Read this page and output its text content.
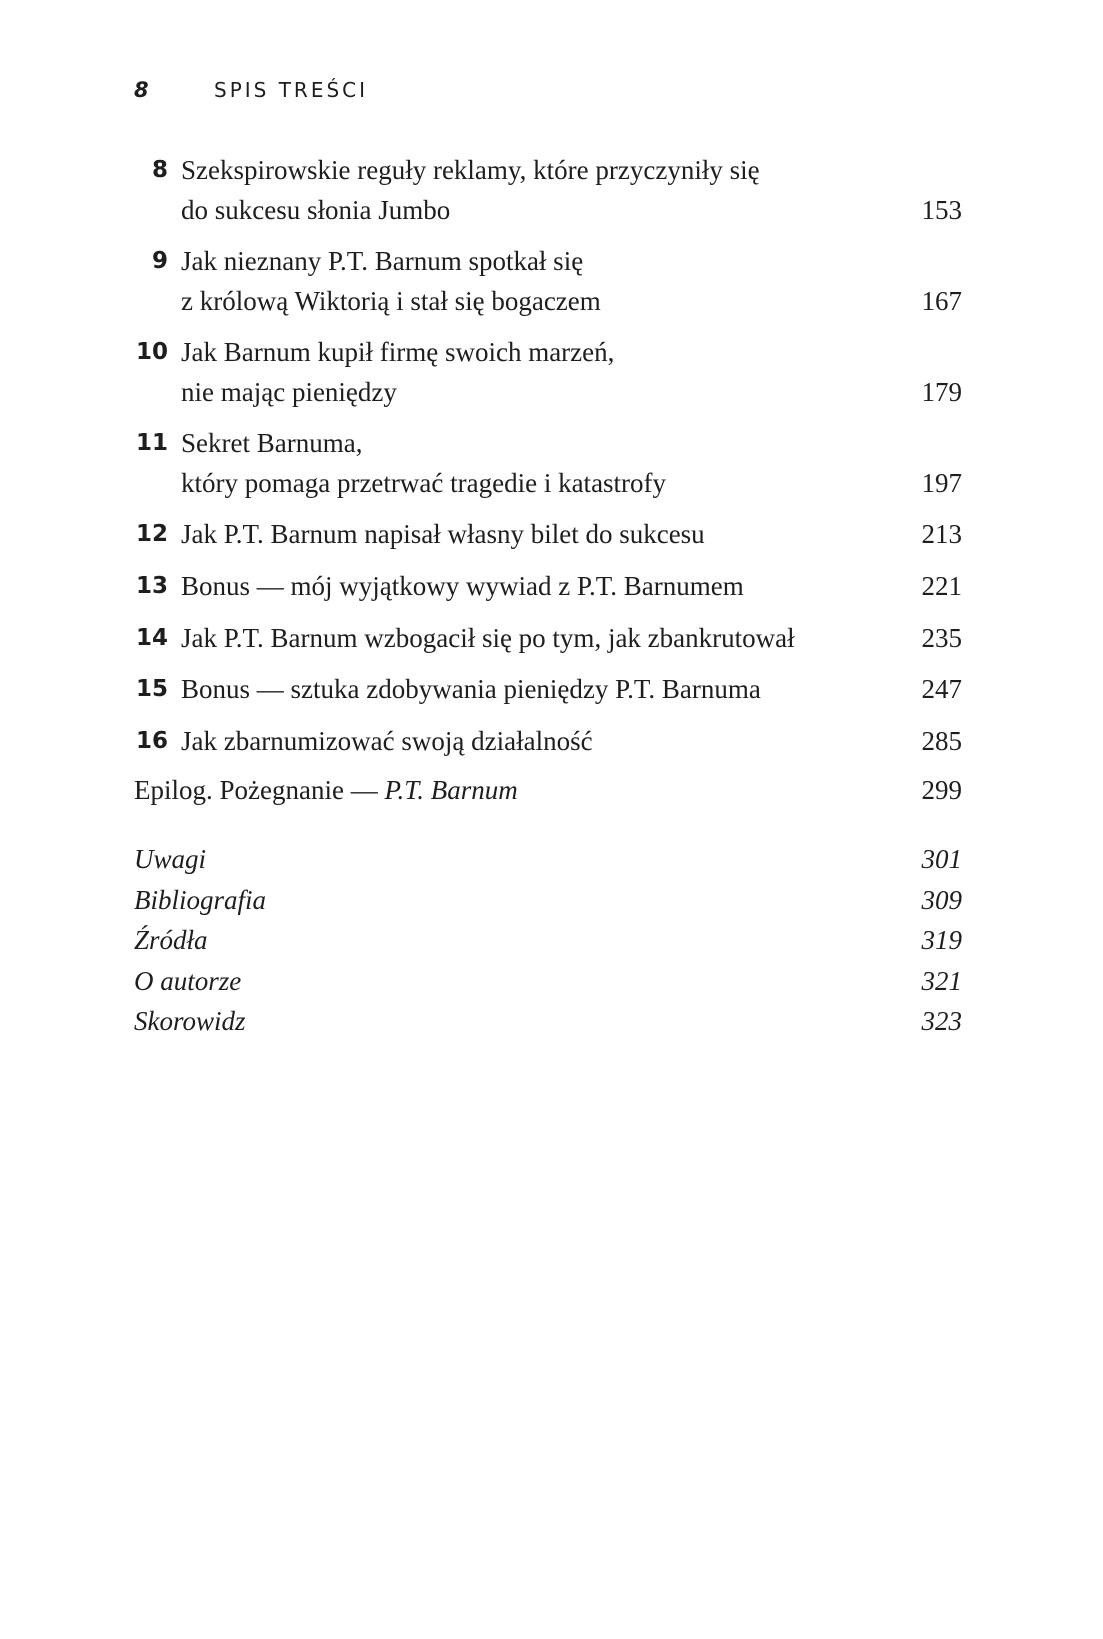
8	SPIS TREŚCI
8 Szekspirowskie reguły reklamy, które przyczyniły się
do sukcesu słonia Jumbo	153
9 Jak nieznany P.T. Barnum spotkał się
z królową Wiktorią i stał się bogaczem	167
10 Jak Barnum kupił firmę swoich marzeń,
nie mając pieniędzy	179
11 Sekret Barnuma,
który pomaga przetrwać tragedie i katastrofy	197
12 Jak P.T. Barnum napisał własny bilet do sukcesu	213
13 Bonus — mój wyjątkowy wywiad z P.T. Barnumem	221
14 Jak P.T. Barnum wzbogacił się po tym, jak zbankrutował	235
15 Bonus — sztuka zdobywania pieniędzy P.T. Barnuma	247
16 Jak zbarnumizować swoją działalność	285
Epilog. Pożegnanie — P.T. Barnum	299
Uwagi	301
Bibliografia	309
Źródła	319
O autorze	321
Skorowidz	323
